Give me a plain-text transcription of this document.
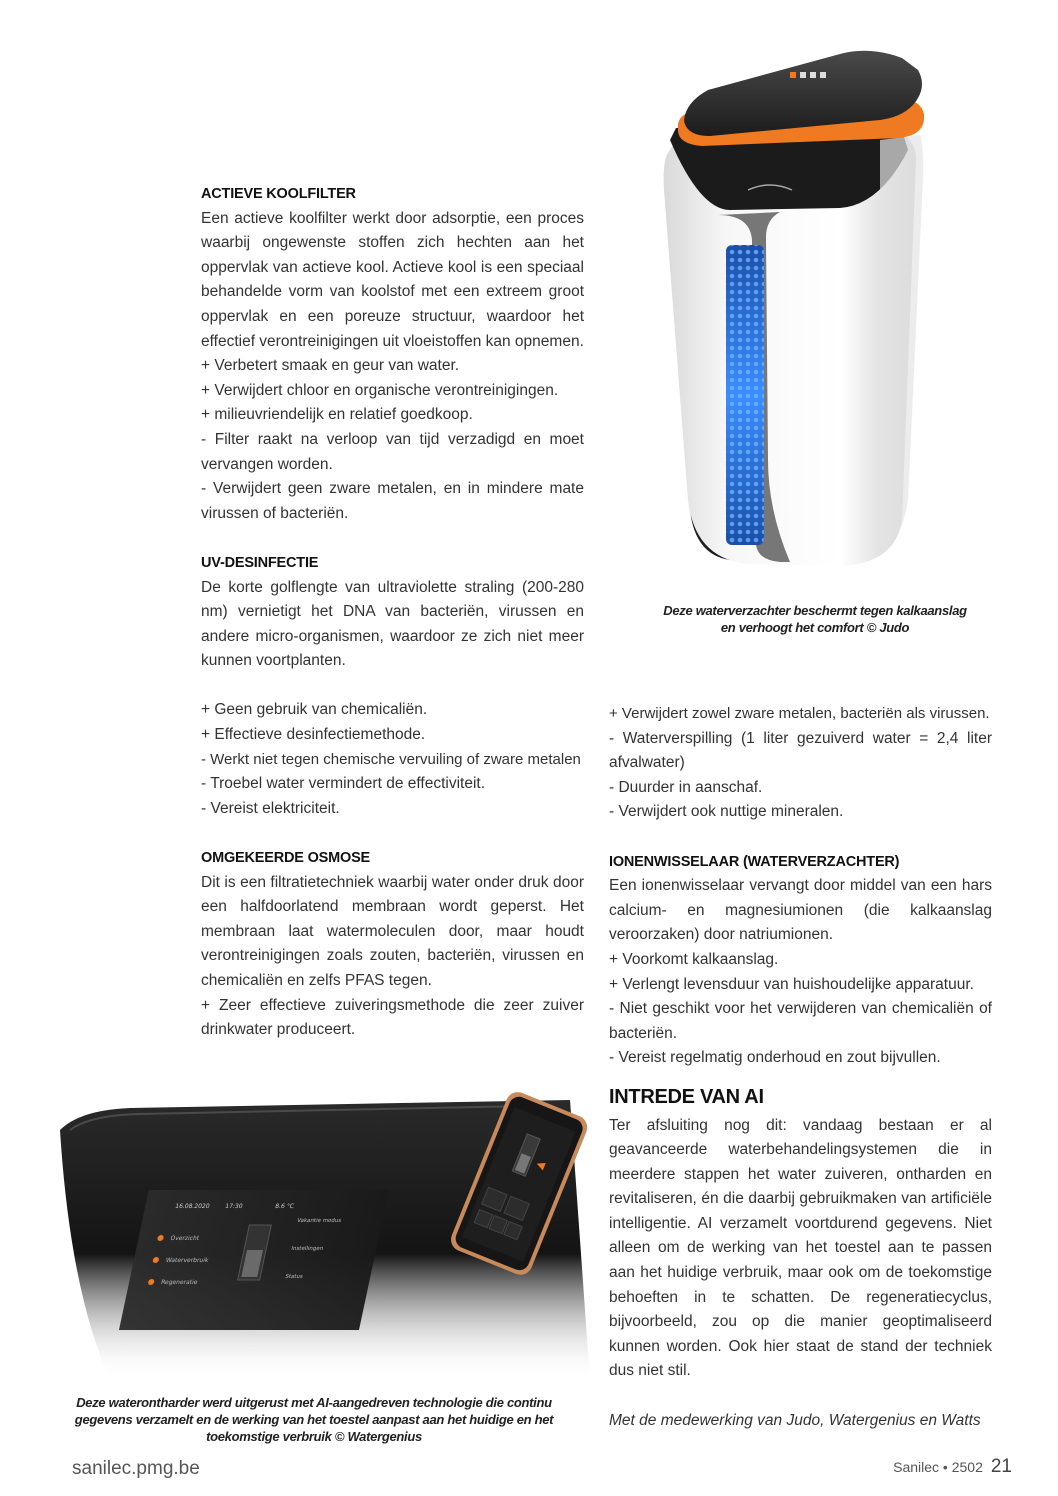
Deze waterverzachter beschermt tegen kalkaanslag
en verhoogt het comfort © Judo
ACTIEVE KOOLFILTER

Een actieve koolfilter werkt door adsorptie, een proces waarbij ongewenste stoffen zich hechten aan het oppervlak van actieve kool. Actieve kool is een speciaal behandelde vorm van koolstof met een extreem groot oppervlak en een poreuze structuur, waardoor het effectief verontreinigingen uit vloeistoffen kan opnemen.

+ Verbetert smaak en geur van water.

+ Verwijdert chloor en organische verontreinigingen.

+ milieuvriendelijk en relatief goedkoop.

- Filter raakt na verloop van tijd verzadigd en moet vervangen worden.

- Verwijdert geen zware metalen, en in mindere mate virussen of bacteriën.

UV-DESINFECTIE

De korte golflengte van ultraviolette straling (200-280 nm) vernietigt het DNA van bacteriën, virussen en andere micro-organismen, waardoor ze zich niet meer kunnen voortplanten.

+ Geen gebruik van chemicaliën.

+ Effectieve desinfectiemethode.

- Werkt niet tegen chemische vervuiling of zware metalen

- Troebel water vermindert de effectiviteit.

- Vereist elektriciteit.

OMGEKEERDE OSMOSE

Dit is een filtratietechniek waarbij water onder druk door een halfdoorlatend membraan wordt geperst. Het membraan laat watermoleculen door, maar houdt verontreinigingen zoals zouten, bacteriën, virussen en chemicaliën en zelfs PFAS tegen.

+ Zeer effectieve zuiveringsmethode die zeer zuiver drinkwater produceert.

+ Verwijdert zowel zware metalen, bacteriën als virussen.

- Waterverspilling (1 liter gezuiverd water = 2,4 liter afvalwater)

- Duurder in aanschaf.

- Verwijdert ook nuttige mineralen.

IONENWISSELAAR (WATERVERZACHTER)

Een ionenwisselaar vervangt door middel van een hars calcium- en magnesiumionen (die kalkaanslag veroorzaken) door natriumionen.

+ Voorkomt kalkaanslag.

+ Verlengt levensduur van huishoudelijke apparatuur.

- Niet geschikt voor het verwijderen van chemicaliën of bacteriën.

- Vereist regelmatig onderhoud en zout bijvullen.

INTREDE VAN AI

Ter afsluiting nog dit: vandaag bestaan er al geavanceerde waterbehandelingsystemen die in meerdere stappen het water zuiveren, ontharden en revitaliseren, én die daarbij gebruikmaken van artificiële intelligentie. AI verzamelt voortdurend gegevens. Niet alleen om de werking van het toestel aan te passen aan het huidige verbruik, maar ook om de toekomstige behoeften in te schatten. De regeneratiecyclus, bijvoorbeeld, zou op die manier geoptimaliseerd kunnen worden. Ook hier staat de stand der techniek dus niet stil.

Met de medewerking van Judo, Watergenius en Watts

16.08.2020 17:30	8.6 °C
Overzicht
Waterverbruik
Regeneratie
Vakantie modus
Instellingen
Status
Deze waterontharder werd uitgerust met AI-aangedreven technologie die continu gegevens verzamelt en de werking van het toestel aanpast aan het huidige en het toekomstige verbruik © Watergenius
sanilec.pmg.be	Sanilec • 2502 21
